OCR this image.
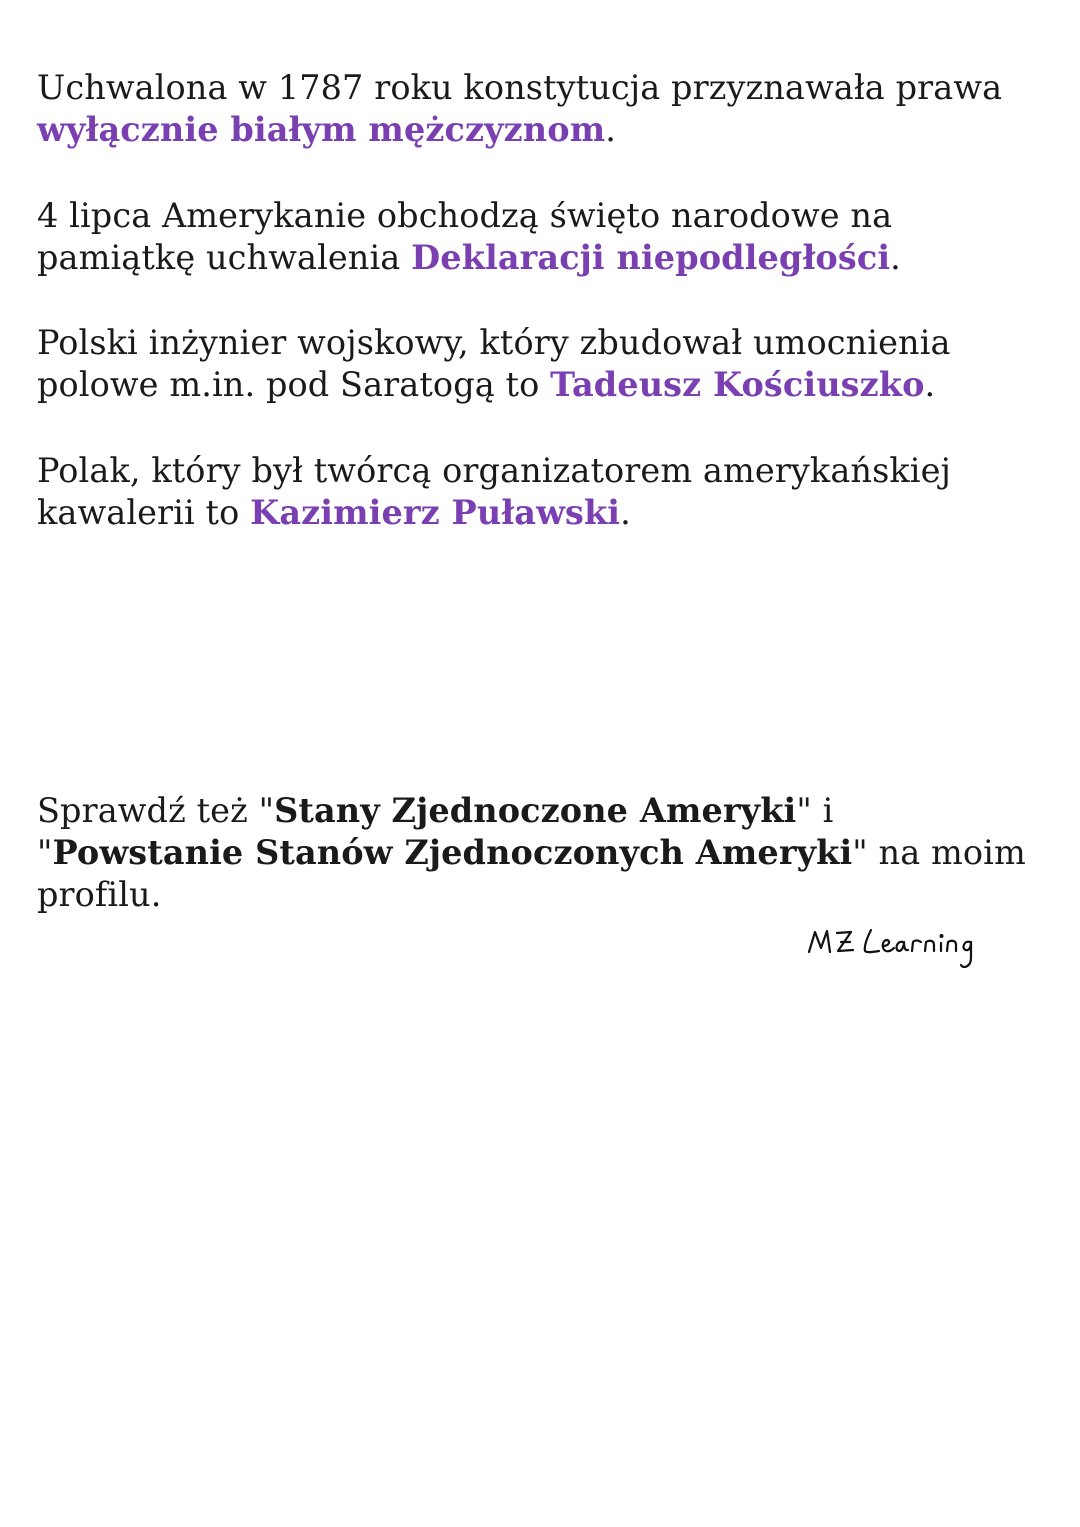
Uchwalona w 1787 roku konstytucja przyznawała prawa wyłącznie białym mężczyznom.

4 lipca Amerykanie obchodzą święto narodowe na pamiątkę uchwalenia Deklaracji niepodległości.

Polski inżynier wojskowy, który zbudował umocnienia polowe m.in. pod Saratogą to Tadeusz Kościuszko.

Polak, który był twórcą organizatorem amerykańskiej kawalerii to Kazimierz Puławski.

Sprawdź też "Stany Zjednoczone Ameryki" i "Powstanie Stanów Zjednoczonych Ameryki" na moim profilu.
